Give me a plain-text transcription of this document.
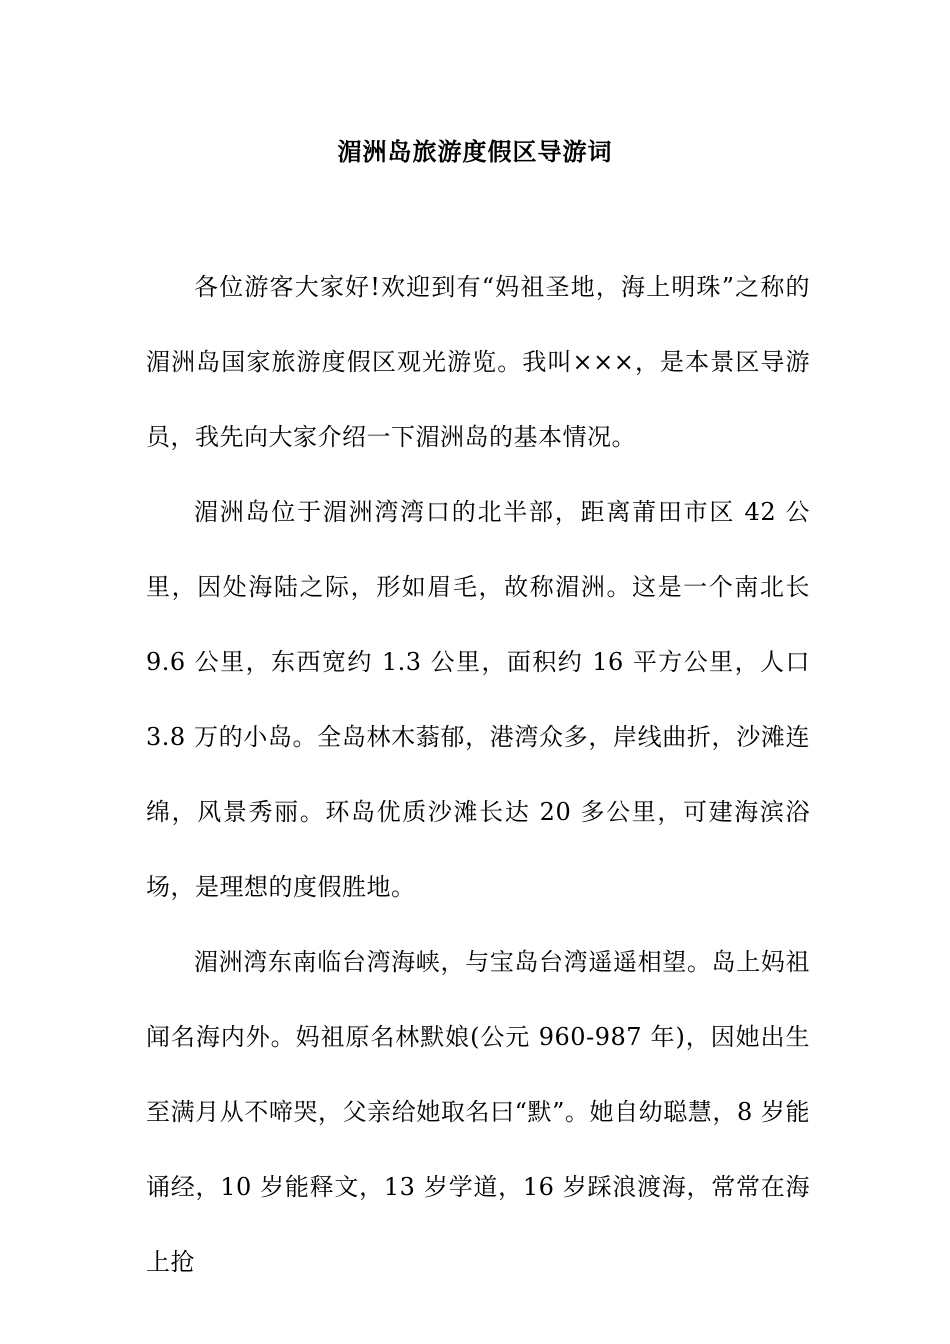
湄洲岛旅游度假区导游词

各位游客大家好!欢迎到有“妈祖圣地，海上明珠”之称的湄洲岛国家旅游度假区观光游览。我叫×××，是本景区导游员，我先向大家介绍一下湄洲岛的基本情况。

湄洲岛位于湄洲湾湾口的北半部，距离莆田市区 42 公里，因处海陆之际，形如眉毛，故称湄洲。这是一个南北长 9.6 公里，东西宽约 1.3 公里，面积约 16 平方公里，人口 3.8 万的小岛。全岛林木蓊郁，港湾众多，岸线曲折，沙滩连绵，风景秀丽。环岛优质沙滩长达 20 多公里，可建海滨浴场，是理想的度假胜地。

湄洲湾东南临台湾海峡，与宝岛台湾遥遥相望。岛上妈祖闻名海内外。妈祖原名林默娘(公元 960-987 年)，因她出生至满月从不啼哭，父亲给她取名曰“默”。她自幼聪慧，8 岁能诵经，10 岁能释文，13 岁学道，16 岁踩浪渡海，常常在海上抢
